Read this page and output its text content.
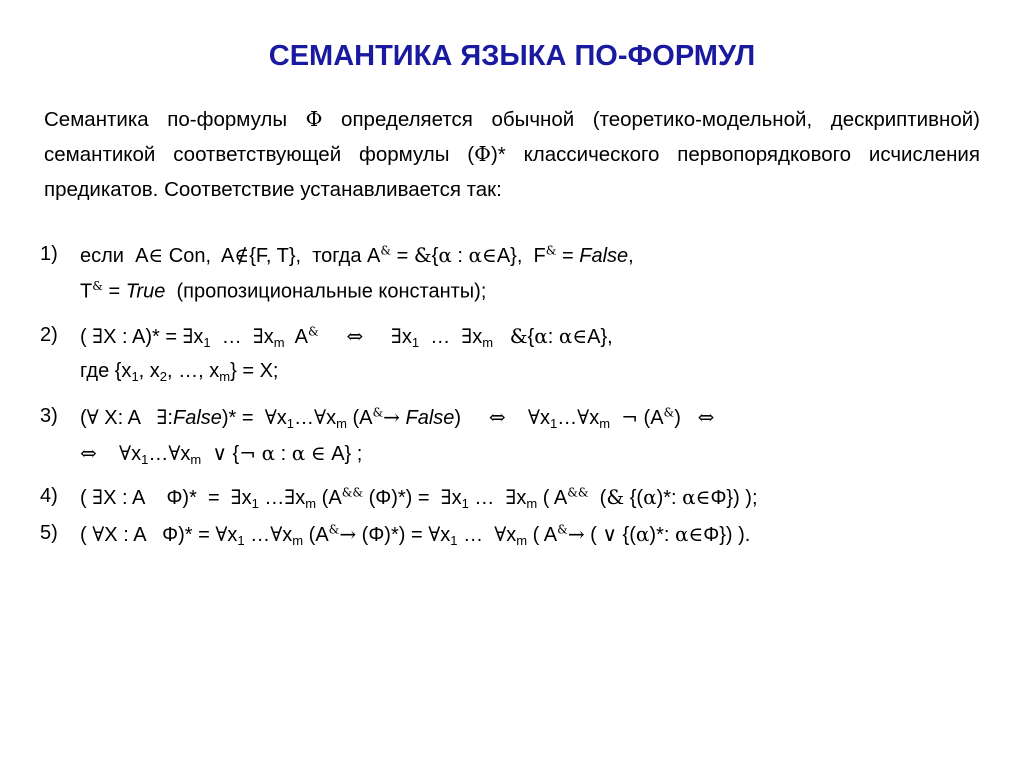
СЕМАНТИКА ЯЗЫКА ПО-ФОРМУЛ

Семантика по-формулы Φ определяется обычной (теоретико-модельной, дескриптивной) семантикой соответствующей формулы (Φ)* классического первопорядкового исчисления предикатов. Соответствие устанавливается так:

1) если  A∈ Con,  A∉{F, T},  тогда A& = &{α : α∈A},  F& = False,
T& = True  (пропозициональные константы);
2) ( ∃X : $A)* = \exists x_1$  …  $\exists x_m$  A& ⇔ $\exists x_1$  …  $\exists x_m$ &{α: α∈A},
где {$x_1$, $x_2$, …, $x_m\} = X$;
3) (∀ X: A   ∃:False)* =  $\forall x_1\dots\forall x_m$ (A&→ False)     ⇔ $\forall x_1\dots\forall x_m$ ¬ (A&)   ⇔
⇔ $\forall x_1\dots\forall x_m$ ∨ {¬ α : α ∈ A} ;
4) ( ∃X : A    $\Phi)* = \exists x_1$ $\dots\exists x_m$ (A&& $(\Phi)*) = \exists x_1$ …  $\exists x_m$ ( A&&  (& {(α)*: α∈Φ}) );
5) ( ∀X : A   $\Phi)* = \forall x_1$ $\dots\forall x_m$ $(A^{\&}\to (\Phi)*) = \forall x_1$ …  $\forall x_m$ ( A&→ ( ∨ {(α)*: α∈Φ}) ).
